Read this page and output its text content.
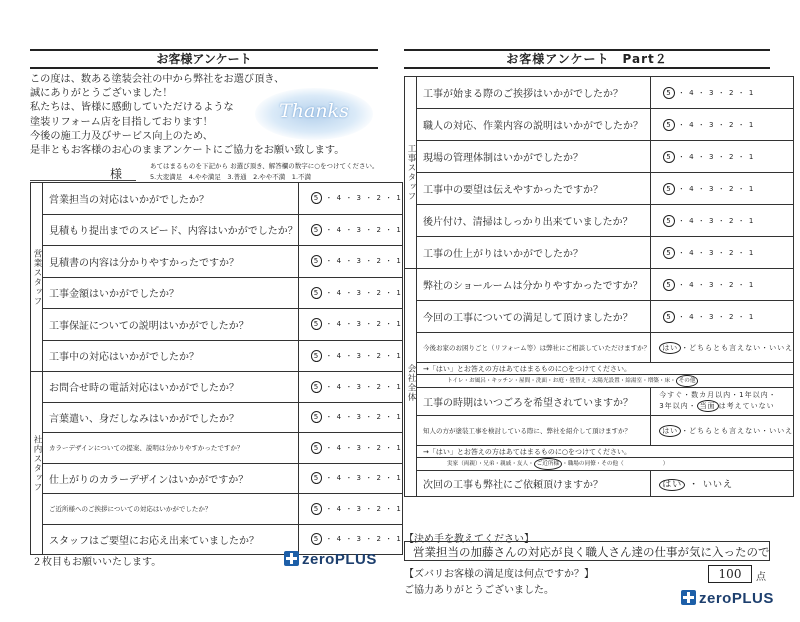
お客様アンケート
この度は、数ある塗装会社の中から弊社をお選び頂き、
誠にありがとうございました！
私たちは、皆様に感動していただけるような
塗装リフォーム店を目指しております！
今後の施工力及びサービス向上のため、
是非ともお客様のお心のままアンケートにご協力をお願い致します。
Thanks
様
あてはまるものを下記から お選び頂き、解答欄の数字に○をつけてください。
5.大変満足　4.やや満足　3.普通　2.やや不満　1.不満
営業スタッフ	営業担当の対応はいかがでしたか？	5 ・ 4 ・ 3 ・ 2 ・ 1
	見積もり提出までのスピード、内容はいかがでしたか？	5 ・ 4 ・ 3 ・ 2 ・ 1
	見積書の内容は分かりやすかったですか？	5 ・ 4 ・ 3 ・ 2 ・ 1
	工事金額はいかがでしたか？	5 ・ 4 ・ 3 ・ 2 ・ 1
	工事保証についての説明はいかがでしたか？	5 ・ 4 ・ 3 ・ 2 ・ 1
	工事中の対応はいかがでしたか？	5 ・ 4 ・ 3 ・ 2 ・ 1
社内スタッフ	お問合せ時の電話対応はいかがでしたか？	5 ・ 4 ・ 3 ・ 2 ・ 1
	言葉遣い、身だしなみはいかがでしたか？	5 ・ 4 ・ 3 ・ 2 ・ 1
	カラーデザインについての提案、説明は分かりやすかったですか？	5 ・ 4 ・ 3 ・ 2 ・ 1
	仕上がりのカラーデザインはいかがですか？	5 ・ 4 ・ 3 ・ 2 ・ 1
	ご近所様へのご挨拶についての対応はいかがでしたか？	5 ・ 4 ・ 3 ・ 2 ・ 1
	スタッフはご要望にお応え出来ていましたか？	5 ・ 4 ・ 3 ・ 2 ・ 1
２枚目もお願いいたします。	zeroPLUS
お客様アンケート　Part２
工事スタッフ	工事が始まる際のご挨拶はいかがでしたか？	5 ・ 4 ・ 3 ・ 2 ・ 1
	職人の対応、作業内容の説明はいかがでしたか？	5 ・ 4 ・ 3 ・ 2 ・ 1
	現場の管理体制はいかがでしたか？	5 ・ 4 ・ 3 ・ 2 ・ 1
	工事中の要望は伝えやすかったですか？	5 ・ 4 ・ 3 ・ 2 ・ 1
	後片付け、清掃はしっかり出来ていましたか？	5 ・ 4 ・ 3 ・ 2 ・ 1
	工事の仕上がりはいかがでしたか？	5 ・ 4 ・ 3 ・ 2 ・ 1
会社全体	弊社のショールームは分かりやすかったですか？	5 ・ 4 ・ 3 ・ 2 ・ 1
	今回の工事についての満足して頂けましたか？	5 ・ 4 ・ 3 ・ 2 ・ 1
	今後お家のお困りごと（リフォーム等）は弊社にご相談していただけますか？	はい ・どちらとも言えない・いいえ
	→「はい」とお答えの方はあてはまるものに○をつけてください。	
	トイレ・お風呂・キッチン・屋間・洗面・お庭・畳替え・太陽光設置・給湯室・増築・床・ その他	
	工事の時期はいつごろを希望されていますか？	今すぐ・数カ月以内・1年以内・
3年以内・ 当面 は考えていない
	知人の方が塗装工事を検討している際に、弊社を紹介して頂けますか？	はい ・どちらとも言えない・いいえ
	→「はい」とお答えの方はあてはまるものに○をつけてください。	
	実家（両親）・兄弟・親戚・友人・ ご近所様 ・職場の同僚・その他（　　　　　　　）	
	次回の工事も弊社にご依頼頂けますか？	はい ・ いいえ
【決め手を教えてください】
営業担当の加藤さんの対応が良く職人さん達の仕事が気に入ったので
【ズバリお客様の満足度は何点ですか？】	100	点
ご協力ありがとうございました。	zeroPLUS
